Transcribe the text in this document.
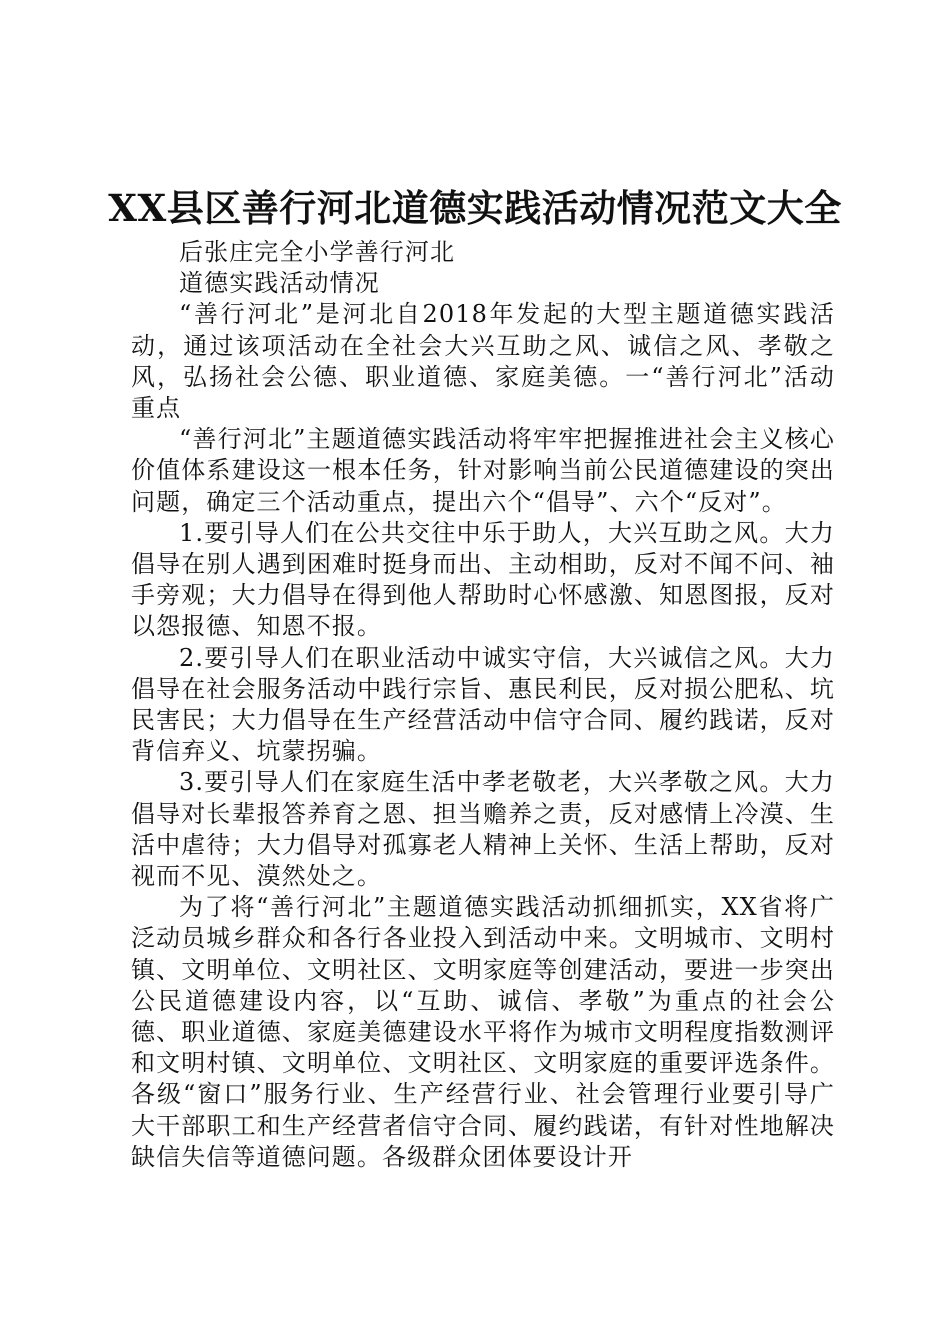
XX县区善行河北道德实践活动情况范文大全

后张庄完全小学善行河北

道德实践活动情况

“善行河北”是河北自2018年发起的大型主题道德实践活动，通过该项活动在全社会大兴互助之风、诚信之风、孝敬之风，弘扬社会公德、职业道德、家庭美德。一“善行河北”活动重点

“善行河北”主题道德实践活动将牢牢把握推进社会主义核心价值体系建设这一根本任务，针对影响当前公民道德建设的突出问题，确定三个活动重点，提出六个“倡导”、六个“反对”。

1.要引导人们在公共交往中乐于助人，大兴互助之风。大力倡导在别人遇到困难时挺身而出、主动相助，反对不闻不问、袖手旁观；大力倡导在得到他人帮助时心怀感激、知恩图报，反对以怨报德、知恩不报。

2.要引导人们在职业活动中诚实守信，大兴诚信之风。大力倡导在社会服务活动中践行宗旨、惠民利民，反对损公肥私、坑民害民；大力倡导在生产经营活动中信守合同、履约践诺，反对背信弃义、坑蒙拐骗。

3.要引导人们在家庭生活中孝老敬老，大兴孝敬之风。大力倡导对长辈报答养育之恩、担当赡养之责，反对感情上冷漠、生活中虐待；大力倡导对孤寡老人精神上关怀、生活上帮助，反对视而不见、漠然处之。

为了将“善行河北”主题道德实践活动抓细抓实，XX省将广泛动员城乡群众和各行各业投入到活动中来。文明城市、文明村镇、文明单位、文明社区、文明家庭等创建活动，要进一步突出公民道德建设内容，以“互助、诚信、孝敬”为重点的社会公德、职业道德、家庭美德建设水平将作为城市文明程度指数测评和文明村镇、文明单位、文明社区、文明家庭的重要评选条件。各级“窗口”服务行业、生产经营行业、社会管理行业要引导广大干部职工和生产经营者信守合同、履约践诺，有针对性地解决缺信失信等道德问题。各级群众团体要设计开
